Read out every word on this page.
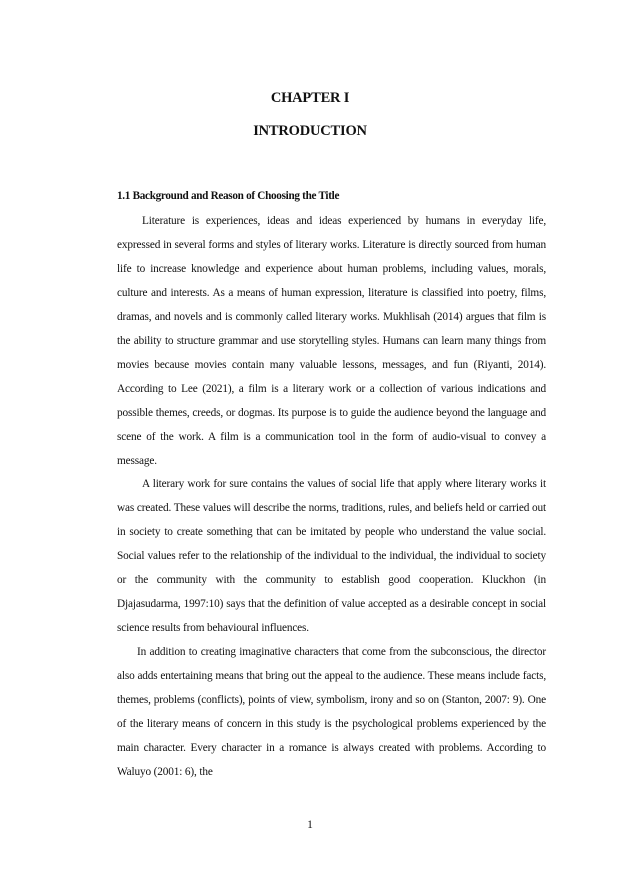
CHAPTER I
INTRODUCTION
1.1 Background and Reason of Choosing the Title

Literature is experiences, ideas and ideas experienced by humans in everyday life, expressed in several forms and styles of literary works. Literature is directly sourced from human life to increase knowledge and experience about human problems, including values, morals, culture and interests. As a means of human expression, literature is classified into poetry, films, dramas, and novels and is commonly called literary works. Mukhlisah (2014) argues that film is the ability to structure grammar and use storytelling styles. Humans can learn many things from movies because movies contain many valuable lessons, messages, and fun (Riyanti, 2014). According to Lee (2021), a film is a literary work or a collection of various indications and possible themes, creeds, or dogmas. Its purpose is to guide the audience beyond the language and scene of the work. A film is a communication tool in the form of audio-visual to convey a message.

A literary work for sure contains the values of social life that apply where literary works it was created. These values will describe the norms, traditions, rules, and beliefs held or carried out in society to create something that can be imitated by people who understand the value social. Social values refer to the relationship of the individual to the individual, the individual to society or the community with the community to establish good cooperation. Kluckhon (in Djajasudarma, 1997:10) says that the definition of value accepted as a desirable concept in social science results from behavioural influences.

In addition to creating imaginative characters that come from the subconscious, the director also adds entertaining means that bring out the appeal to the audience. These means include facts, themes, problems (conflicts), points of view, symbolism, irony and so on (Stanton, 2007: 9). One of the literary means of concern in this study is the psychological problems experienced by the main character. Every character in a romance is always created with problems. According to Waluyo (2001: 6), the

1
